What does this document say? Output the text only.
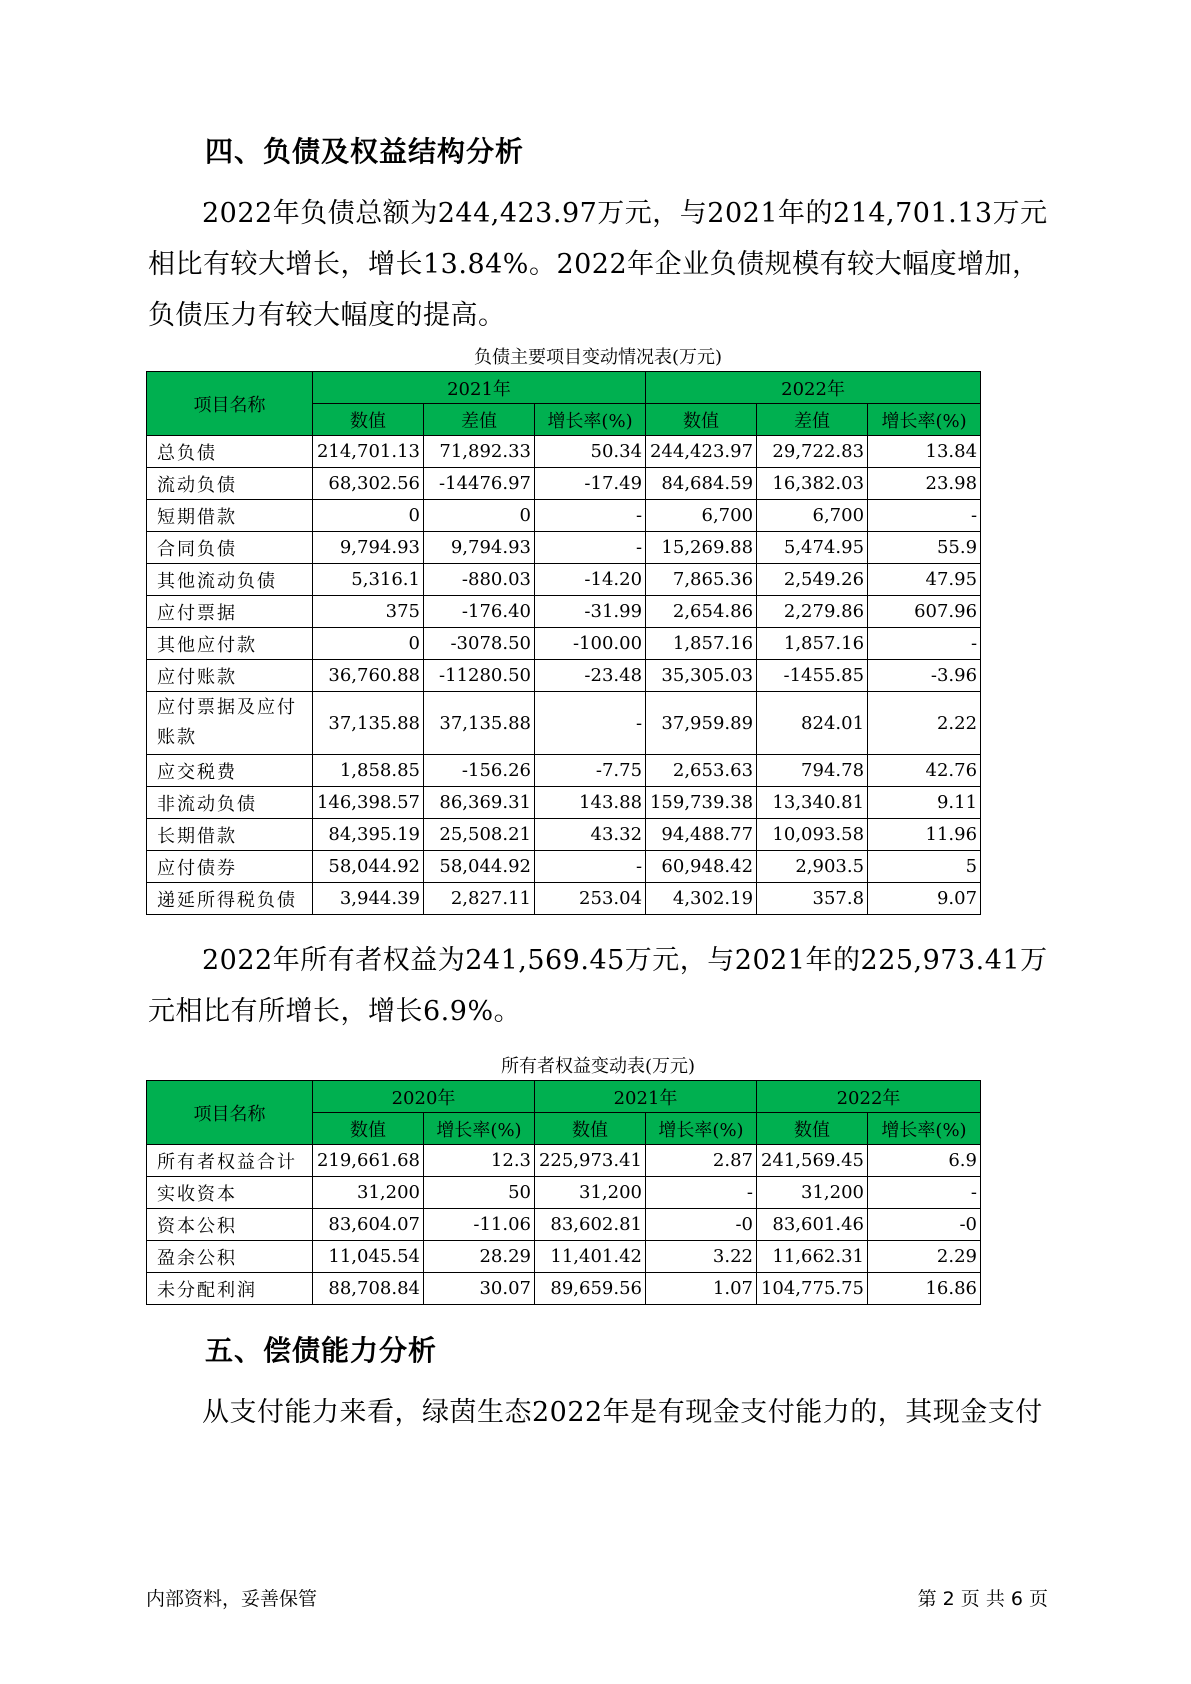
四、负债及权益结构分析

2022年负债总额为244,423.97万元，与2021年的214,701.13万元相比有较大增长，增长13.84%。2022年企业负债规模有较大幅度增加，负债压力有较大幅度的提高。

负债主要项目变动情况表(万元)

项目名称	2021年			2022年		
	数值	差值	增长率(%)	数值	差值	增长率(%)
总负债	214,701.13	71,892.33	50.34	244,423.97	29,722.83	13.84
流动负债	68,302.56	-14476.97	-17.49	84,684.59	16,382.03	23.98
短期借款	0	0	-	6,700	6,700	-
合同负债	9,794.93	9,794.93	-	15,269.88	5,474.95	55.9
其他流动负债	5,316.1	-880.03	-14.20	7,865.36	2,549.26	47.95
应付票据	375	-176.40	-31.99	2,654.86	2,279.86	607.96
其他应付款	0	-3078.50	-100.00	1,857.16	1,857.16	-
应付账款	36,760.88	-11280.50	-23.48	35,305.03	-1455.85	-3.96
应付票据及应付账款	37,135.88	37,135.88	-	37,959.89	824.01	2.22
应交税费	1,858.85	-156.26	-7.75	2,653.63	794.78	42.76
非流动负债	146,398.57	86,369.31	143.88	159,739.38	13,340.81	9.11
长期借款	84,395.19	25,508.21	43.32	94,488.77	10,093.58	11.96
应付债券	58,044.92	58,044.92	-	60,948.42	2,903.5	5
递延所得税负债	3,944.39	2,827.11	253.04	4,302.19	357.8	9.07

2022年所有者权益为241,569.45万元，与2021年的225,973.41万元相比有所增长，增长6.9%。

所有者权益变动表(万元)

项目名称	2020年		2021年		2022年	
	数值	增长率(%)	数值	增长率(%)	数值	增长率(%)
所有者权益合计	219,661.68	12.3	225,973.41	2.87	241,569.45	6.9
实收资本	31,200	50	31,200	-	31,200	-
资本公积	83,604.07	-11.06	83,602.81	-0	83,601.46	-0
盈余公积	11,045.54	28.29	11,401.42	3.22	11,662.31	2.29
未分配利润	88,708.84	30.07	89,659.56	1.07	104,775.75	16.86
五、偿债能力分析

从支付能力来看，绿茵生态2022年是有现金支付能力的，其现金支付

内部资料，妥善保管	第 2 页 共 6 页
